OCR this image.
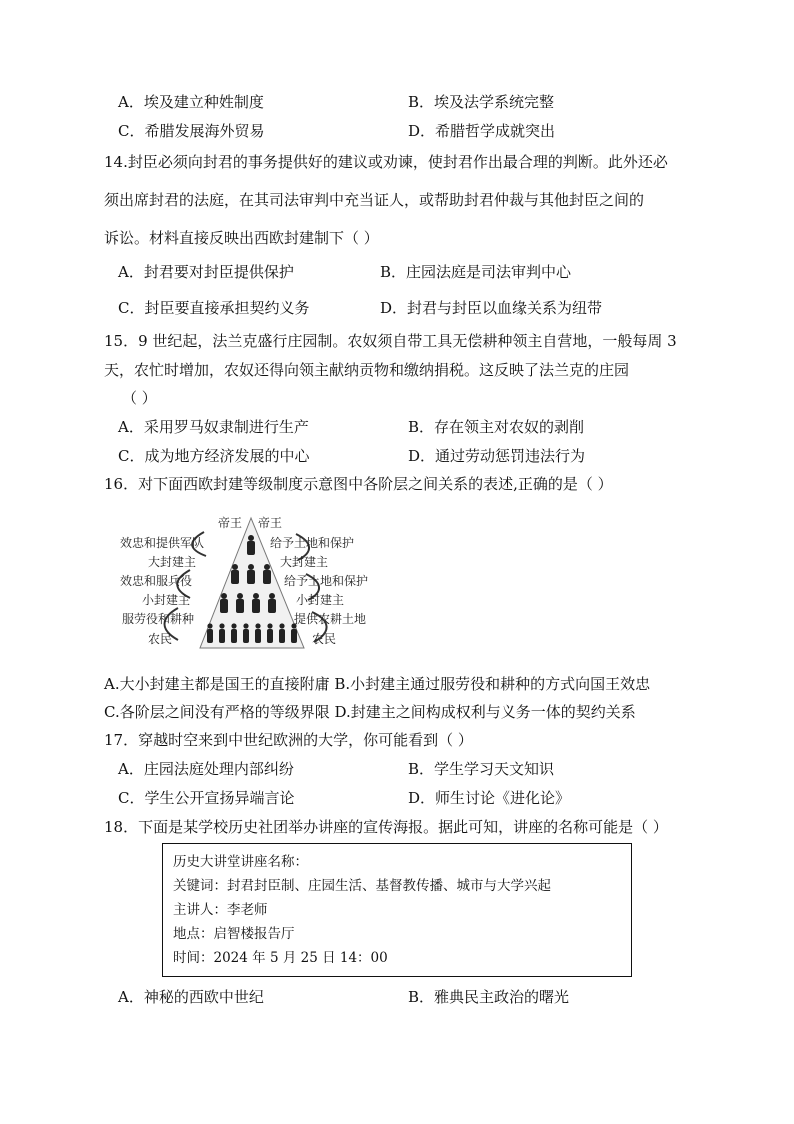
A．埃及建立种姓制度	B．埃及法学系统完整
C．希腊发展海外贸易	D．希腊哲学成就突出
14.封臣必须向封君的事务提供好的建议或劝谏，使封君作出最合理的判断。此外还必
须出席封君的法庭，在其司法审判中充当证人，或帮助封君仲裁与其他封臣之间的
诉讼。材料直接反映出西欧封建制下（ ）
A．封君要对封臣提供保护	B．庄园法庭是司法审判中心
C．封臣要直接承担契约义务	D．封君与封臣以血缘关系为纽带
15．9 世纪起，法兰克盛行庄园制。农奴须自带工具无偿耕种领主自营地，一般每周 3
天，农忙时增加，农奴还得向领主献纳贡物和缴纳捐税。这反映了法兰克的庄园
（ ）
A．采用罗马奴隶制进行生产	B．存在领主对农奴的剥削
C．成为地方经济发展的中心	D．通过劳动惩罚违法行为
16．对下面西欧封建等级制度示意图中各阶层之间关系的表述,正确的是（ ）
帝王
效忠和提供军队
大封建主
效忠和服兵役
小封建主
服劳役和耕种
农民
帝王
给予土地和保护
大封建主
给予土地和保护
小封建主
提供农耕土地
农民
A.大小封建主都是国王的直接附庸 B.小封建主通过服劳役和耕种的方式向国王效忠
C.各阶层之间没有严格的等级界限 D.封建主之间构成权利与义务一体的契约关系
17．穿越时空来到中世纪欧洲的大学，你可能看到（ ）
A．庄园法庭处理内部纠纷	B．学生学习天文知识
C．学生公开宣扬异端言论	D．师生讨论《进化论》
18．下面是某学校历史社团举办讲座的宣传海报。据此可知，讲座的名称可能是（ ）
历史大讲堂讲座名称：
关键词：封君封臣制、庄园生活、基督教传播、城市与大学兴起
主讲人：李老师
地点：启智楼报告厅
时间：2024 年 5 月 25 日 14：00
A．神秘的西欧中世纪	B．雅典民主政治的曙光
